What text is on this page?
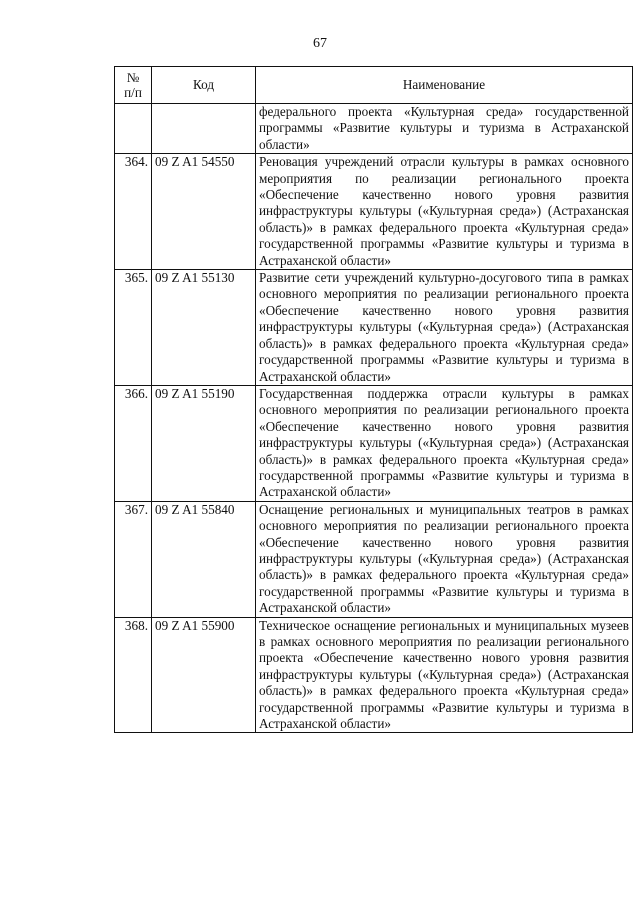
67
№
п/п	Код	Наименование
		федерального проекта «Культурная среда» государственной программы «Развитие культуры и туризма в Астраханской области»
364.	09 Z A1 54550	Реновация учреждений отрасли культуры в рамках основного мероприятия по реализации регионального проекта «Обеспечение качественно нового уровня развития инфраструктуры культуры («Культурная среда») (Астраханская область)» в рамках федерального проекта «Культурная среда» государственной программы «Развитие культуры и туризма в Астраханской области»
365.	09 Z A1 55130	Развитие сети учреждений культурно-досугового типа в рамках основного мероприятия по реализации регионального проекта «Обеспечение качественно нового уровня развития инфраструктуры культуры («Культурная среда») (Астраханская область)» в рамках федерального проекта «Культурная среда» государственной программы «Развитие культуры и туризма в Астраханской области»
366.	09 Z A1 55190	Государственная поддержка отрасли культуры в рамках основного мероприятия по реализации регионального проекта «Обеспечение качественно нового уровня развития инфраструктуры культуры («Культурная среда») (Астраханская область)» в рамках федерального проекта «Культурная среда» государственной программы «Развитие культуры и туризма в Астраханской области»
367.	09 Z A1 55840	Оснащение региональных и муниципальных театров в рамках основного мероприятия по реализации регионального проекта «Обеспечение качественно нового уровня развития инфраструктуры культуры («Культурная среда») (Астраханская область)» в рамках федерального проекта «Культурная среда» государственной программы «Развитие культуры и туризма в Астраханской области»
368.	09 Z A1 55900	Техническое оснащение региональных и муниципальных музеев в рамках основного мероприятия по реализации регионального проекта «Обеспечение качественно нового уровня развития инфраструктуры культуры («Культурная среда») (Астраханская область)» в рамках федерального проекта «Культурная среда» государственной программы «Развитие культуры и туризма в Астраханской области»
